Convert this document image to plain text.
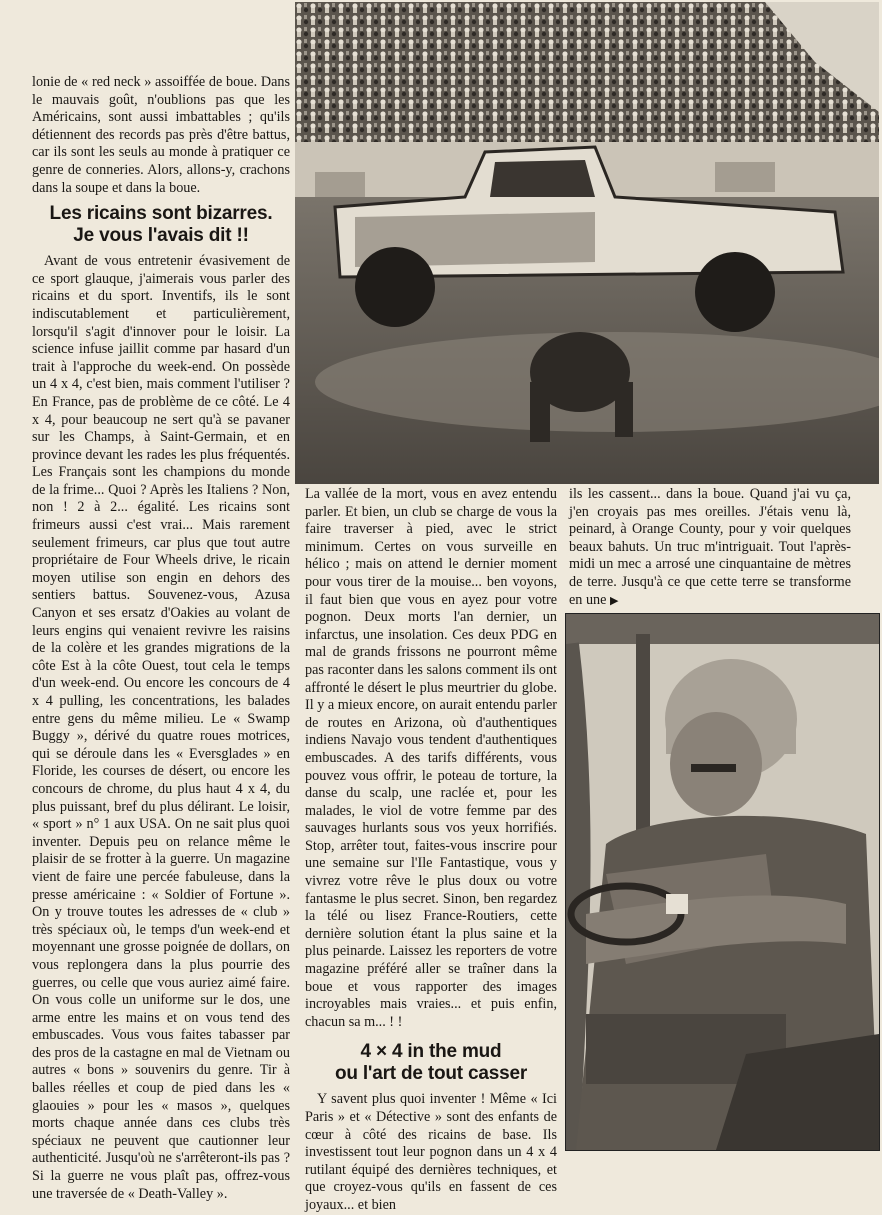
lonie de « red neck » assoiffée de boue. Dans le mauvais goût, n'oublions pas que les Américains, sont aussi imbattables ; qu'ils détiennent des records pas près d'être battus, car ils sont les seuls au monde à pratiquer ce genre de conneries. Alors, allons-y, crachons dans la soupe et dans la boue.

Les ricains sont bizarres.
Je vous l'avais dit !!

Avant de vous entretenir évasivement de ce sport glauque, j'aimerais vous parler des ricains et du sport. Inventifs, ils le sont indiscutablement et particulièrement, lorsqu'il s'agit d'innover pour le loisir. La science infuse jaillit comme par hasard d'un trait à l'approche du week-end. On possède un 4 x 4, c'est bien, mais comment l'utiliser ? En France, pas de problème de ce côté. Le 4 x 4, pour beaucoup ne sert qu'à se pavaner sur les Champs, à Saint-Germain, et en province devant les rades les plus fréquentés. Les Français sont les champions du monde de la frime... Quoi ? Après les Italiens ? Non, non ! 2 à 2... égalité. Les ricains sont frimeurs aussi c'est vrai... Mais rarement seulement frimeurs, car plus que tout autre propriétaire de Four Wheels drive, le ricain moyen utilise son engin en dehors des sentiers battus. Souvenez-vous, Azusa Canyon et ses ersatz d'Oakies au volant de leurs engins qui venaient revivre les raisins de la colère et les grandes migrations de la côte Est à la côte Ouest, tout cela le temps d'un week-end. Ou encore les concours de 4 x 4 pulling, les concentrations, les balades entre gens du même milieu. Le « Swamp Buggy », dérivé du quatre roues motrices, qui se déroule dans les « Eversglades » en Floride, les courses de désert, ou encore les concours de chrome, du plus haut 4 x 4, du plus puissant, bref du plus délirant. Le loisir, « sport » n° 1 aux USA. On ne sait plus quoi inventer. Depuis peu on relance même le plaisir de se frotter à la guerre. Un magazine vient de faire une percée fabuleuse, dans la presse américaine : « Soldier of Fortune ». On y trouve toutes les adresses de « club » très spéciaux où, le temps d'un week-end et moyennant une grosse poignée de dollars, on vous replongera dans la plus pourrie des guerres, ou celle que vous auriez aimé faire. On vous colle un uniforme sur le dos, une arme entre les mains et on vous tend des embuscades. Vous vous faites tabasser par des pros de la castagne en mal de Vietnam ou autres « bons » souvenirs du genre. Tir à balles réelles et coup de pied dans les « glaouies » pour les « masos », quelques morts chaque année dans ces clubs très spéciaux ne peuvent que cautionner leur authenticité. Jusqu'où ne s'arrêteront-ils pas ? Si la guerre ne vous plaît pas, offrez-vous une traversée de « Death-Valley ».

La vallée de la mort, vous en avez entendu parler. Et bien, un club se charge de vous la faire traverser à pied, avec le strict minimum. Certes on vous surveille en hélico ; mais on attend le dernier moment pour vous tirer de la mouise... ben voyons, il faut bien que vous en ayez pour votre pognon. Deux morts l'an dernier, un infarctus, une insolation. Ces deux PDG en mal de grands frissons ne pourront même pas raconter dans les salons comment ils ont affronté le désert le plus meurtrier du globe. Il y a mieux encore, on aurait entendu parler de routes en Arizona, où d'authentiques indiens Navajo vous tendent d'authentiques embuscades. A des tarifs différents, vous pouvez vous offrir, le poteau de torture, la danse du scalp, une raclée et, pour les malades, le viol de votre femme par des sauvages hurlants sous vos yeux horrifiés. Stop, arrêter tout, faites-vous inscrire pour une semaine sur l'Ile Fantastique, vous y vivrez votre rêve le plus doux ou votre fantasme le plus secret. Sinon, ben regardez la télé ou lisez France-Routiers, cette dernière solution étant la plus saine et la plus peinarde. Laissez les reporters de votre magazine préféré aller se traîner dans la boue et vous rapporter des images incroyables mais vraies... et puis enfin, chacun sa m... ! !

4 × 4 in the mud
ou l'art de tout casser

Y savent plus quoi inventer ! Même « Ici Paris » et « Détective » sont des enfants de cœur à côté des ricains de base. Ils investissent tout leur pognon dans un 4 x 4 rutilant équipé des dernières techniques, et que croyez-vous qu'ils en fassent de ces joyaux... et bien

ils les cassent... dans la boue. Quand j'ai vu ça, j'en croyais pas mes oreilles. J'étais venu là, peinard, à Orange County, pour y voir quelques beaux bahuts. Un truc m'intriguait. Tout l'après-midi un mec a arrosé une cinquantaine de mètres de terre. Jusqu'à ce que cette terre se transforme en une ▶
